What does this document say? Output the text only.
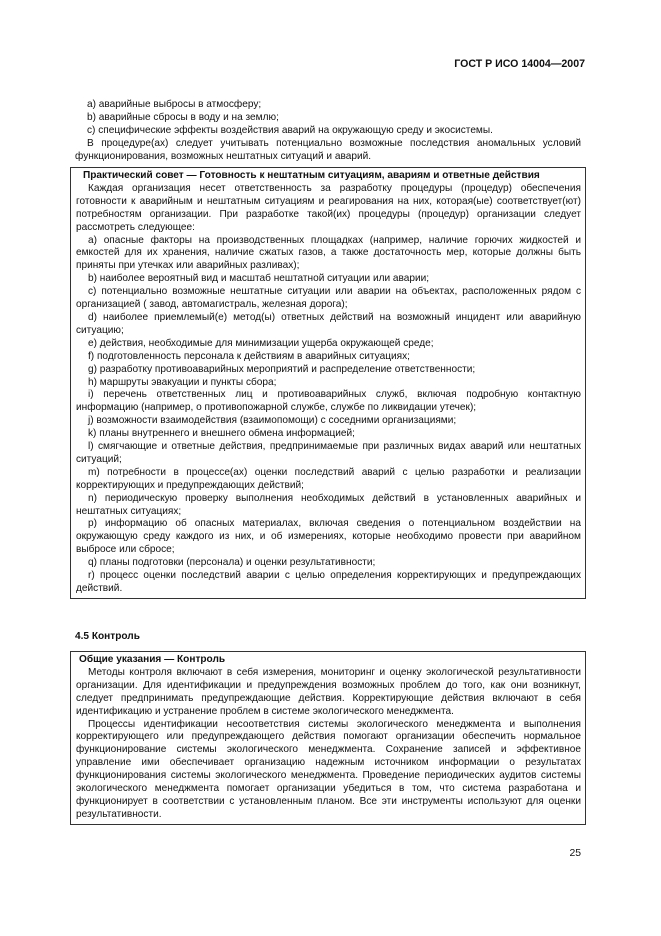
ГОСТ Р ИСО 14004—2007

а) аварийные выбросы в атмосферу;

b) аварийные сбросы в воду и на землю;

с) специфические эффекты воздействия аварий на окружающую среду и экосистемы.

В процедуре(ах) следует учитывать потенциально возможные последствия аномальных условий функционирования, возможных нештатных ситуаций и аварий.

Практический совет — Готовность к нештатным ситуациям, авариям и ответные действия

Каждая организация несет ответственность за разработку процедуры (процедур) обеспечения готовности к аварийным и нештатным ситуациям и реагирования на них, которая(ые) соответствует(ют) потребностям организации. При разработке такой(их) процедуры (процедур) организации следует рассмотреть следующее:

а) опасные факторы на производственных площадках (например, наличие горючих жидкостей и емкостей для их хранения, наличие сжатых газов, а также достаточность мер, которые должны быть приняты при утечках или аварийных разливах);

b) наиболее вероятный вид и масштаб нештатной ситуации или аварии;

с) потенциально возможные нештатные ситуации или аварии на объектах, расположенных рядом с организацией ( завод, автомагистраль, железная дорога);

d) наиболее приемлемый(е) метод(ы) ответных действий на возможный инцидент или аварийную ситуацию;

е) действия, необходимые для минимизации ущерба окружающей среде;

f) подготовленность персонала к действиям в аварийных ситуациях;

g) разработку противоаварийных мероприятий и распределение ответственности;

h) маршруты эвакуации и пункты сбора;

i) перечень ответственных лиц и противоаварийных служб, включая подробную контактную информацию (например, о противопожарной службе, службе по ликвидации утечек);

j) возможности взаимодействия (взаимопомощи) с соседними организациями;

k) планы внутреннего и внешнего обмена информацией;

l) смягчающие и ответные действия, предпринимаемые при различных видах аварий или нештатных ситуаций;

m) потребности в процессе(ах) оценки последствий аварий с целью разработки и реализации корректирующих и предупреждающих действий;

n) периодическую проверку выполнения необходимых действий в установленных аварийных и нештатных ситуациях;

р) информацию об опасных материалах, включая сведения о потенциальном воздействии на окружающую среду каждого из них, и об измерениях, которые необходимо провести при аварийном выбросе или сбросе;

q) планы подготовки (персонала) и оценки результативности;

r) процесс оценки последствий аварии с целью определения корректирующих и предупреждающих действий.

4.5 Контроль

Общие указания — Контроль

Методы контроля включают в себя измерения, мониторинг и оценку экологической результативности организации. Для идентификации и предупреждения возможных проблем до того, как они возникнут, следует предпринимать предупреждающие действия. Корректирующие действия включают в себя идентификацию и устранение проблем в системе экологического менеджмента.

Процессы идентификации несоответствия системы экологического менеджмента и выполнения корректирующего или предупреждающего действия помогают организации обеспечить нормальное функционирование системы экологического менеджмента. Сохранение записей и эффективное управление ими обеспечивает организацию надежным источником информации о результатах функционирования системы экологического менеджмента. Проведение периодических аудитов системы экологического менеджмента помогает организации убедиться в том, что система разработана и функционирует в соответствии с установленным планом. Все эти инструменты используют для оценки результативности.

25
